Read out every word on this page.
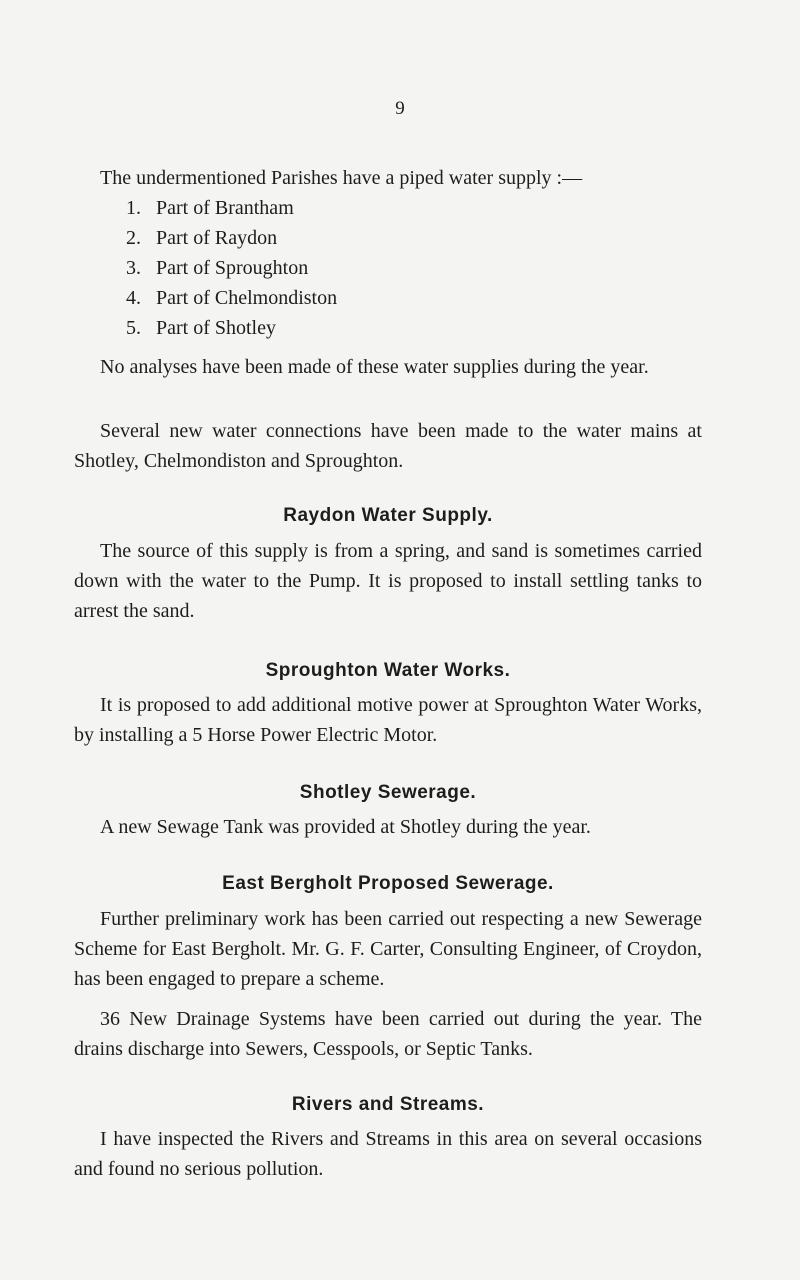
9
The undermentioned Parishes have a piped water supply :—
1. Part of Brantham
2. Part of Raydon
3. Part of Sproughton
4. Part of Chelmondiston
5. Part of Shotley
No analyses have been made of these water supplies during the year.
Several new water connections have been made to the water mains at Shotley, Chelmondiston and Sproughton.
Raydon Water Supply.
The source of this supply is from a spring, and sand is sometimes carried down with the water to the Pump. It is proposed to install settling tanks to arrest the sand.
Sproughton Water Works.
It is proposed to add additional motive power at Sproughton Water Works, by installing a 5 Horse Power Electric Motor.
Shotley Sewerage.
A new Sewage Tank was provided at Shotley during the year.
East Bergholt Proposed Sewerage.
Further preliminary work has been carried out respecting a new Sewerage Scheme for East Bergholt. Mr. G. F. Carter, Consulting Engineer, of Croydon, has been engaged to prepare a scheme.
36 New Drainage Systems have been carried out during the year. The drains discharge into Sewers, Cesspools, or Septic Tanks.
Rivers and Streams.
I have inspected the Rivers and Streams in this area on several occasions and found no serious pollution.
